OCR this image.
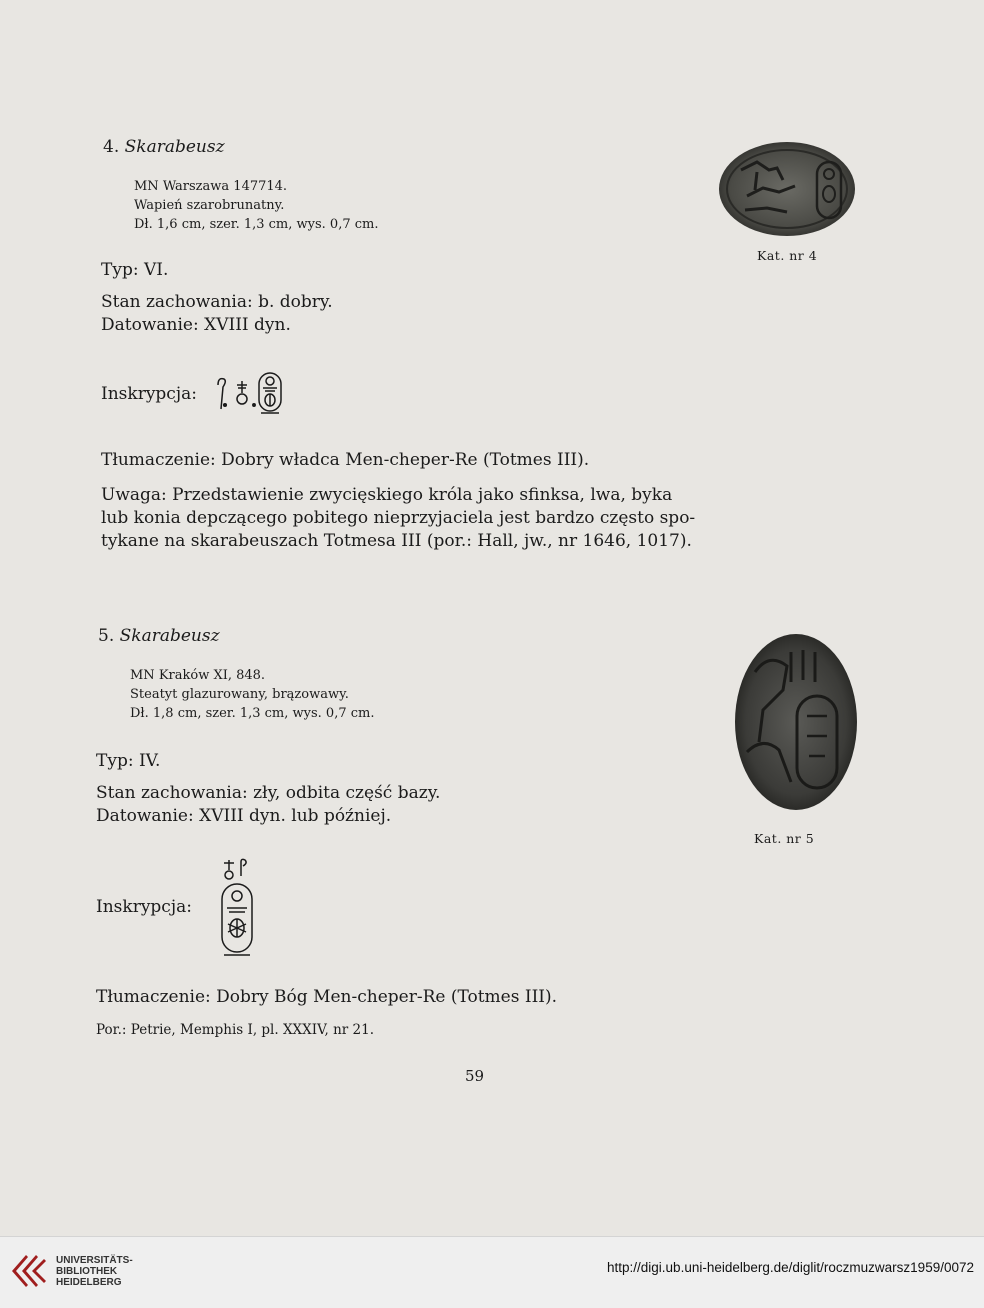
4. Skarabeusz
MN Warszawa 147714.
Wapień szarobrunatny.
Dł. 1,6 cm, szer. 1,3 cm, wys. 0,7 cm.
Typ: VI.
Stan zachowania: b. dobry.
Datowanie: XVIII dyn.
Inskrypcja:
Tłumaczenie: Dobry władca Men-cheper-Re (Totmes III).
Uwaga: Przedstawienie zwycięskiego króla jako sfinksa, lwa, byka
lub konia depczącego pobitego nieprzyjaciela jest bardzo często spo-
tykane na skarabeuszach Totmesa III (por.: Hall, jw., nr 1646, 1017).
Kat. nr 4
5. Skarabeusz
MN Kraków XI, 848.
Steatyt glazurowany, brązowawy.
Dł. 1,8 cm, szer. 1,3 cm, wys. 0,7 cm.
Typ: IV.
Stan zachowania: zły, odbita część bazy.
Datowanie: XVIII dyn. lub później.
Inskrypcja:
Tłumaczenie: Dobry Bóg Men-cheper-Re (Totmes III).
Por.: Petrie, Memphis I, pl. XXXIV, nr 21.
Kat. nr 5
59
UNIVERSITÄTS-
BIBLIOTHEK
HEIDELBERG
http://digi.ub.uni-heidelberg.de/diglit/roczmuzwarsz1959/0072
